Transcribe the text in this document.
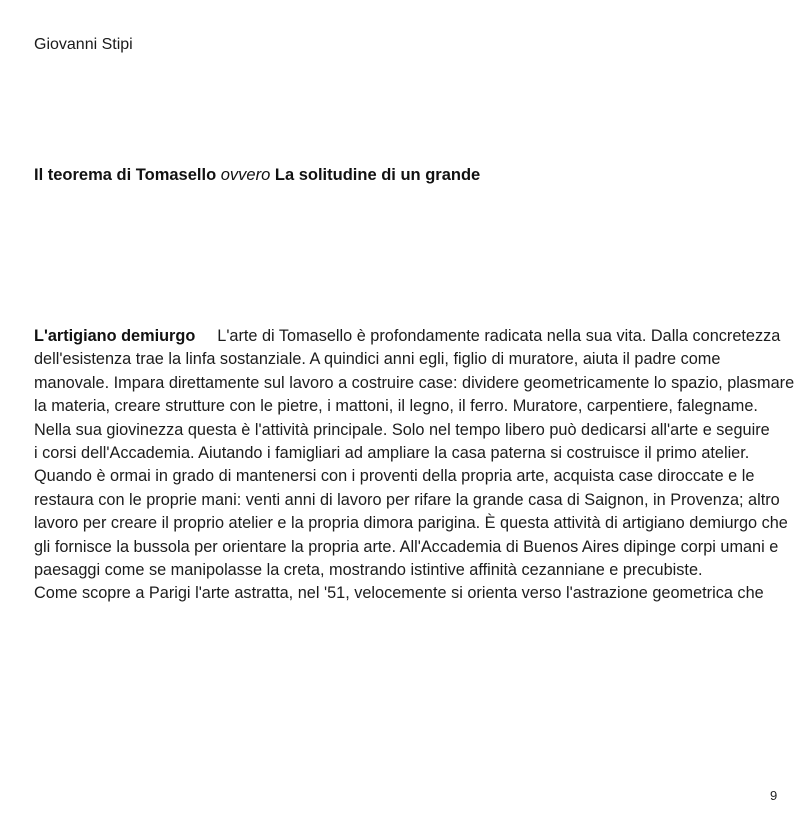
Giovanni Stipi
Il teorema di Tomasello ovvero La solitudine di un grande
L'artigiano demiurgo L'arte di Tomasello è profondamente radicata nella sua vita. Dalla concretezza
dell'esistenza trae la linfa sostanziale. A quindici anni egli, figlio di muratore, aiuta il padre come
manovale. Impara direttamente sul lavoro a costruire case: dividere geometricamente lo spazio, plasmare
la materia, creare strutture con le pietre, i mattoni, il legno, il ferro. Muratore, carpentiere, falegname.
Nella sua giovinezza questa è l'attività principale. Solo nel tempo libero può dedicarsi all'arte e seguire
i corsi dell'Accademia. Aiutando i famigliari ad ampliare la casa paterna si costruisce il primo atelier.
Quando è ormai in grado di mantenersi con i proventi della propria arte, acquista case diroccate e le
restaura con le proprie mani: venti anni di lavoro per rifare la grande casa di Saignon, in Provenza; altro
lavoro per creare il proprio atelier e la propria dimora parigina. È questa attività di artigiano demiurgo che
gli fornisce la bussola per orientare la propria arte. All'Accademia di Buenos Aires dipinge corpi umani e
paesaggi come se manipolasse la creta, mostrando istintive affinità cezanniane e precubiste.
Come scopre a Parigi l'arte astratta, nel '51, velocemente si orienta verso l'astrazione geometrica che
9
